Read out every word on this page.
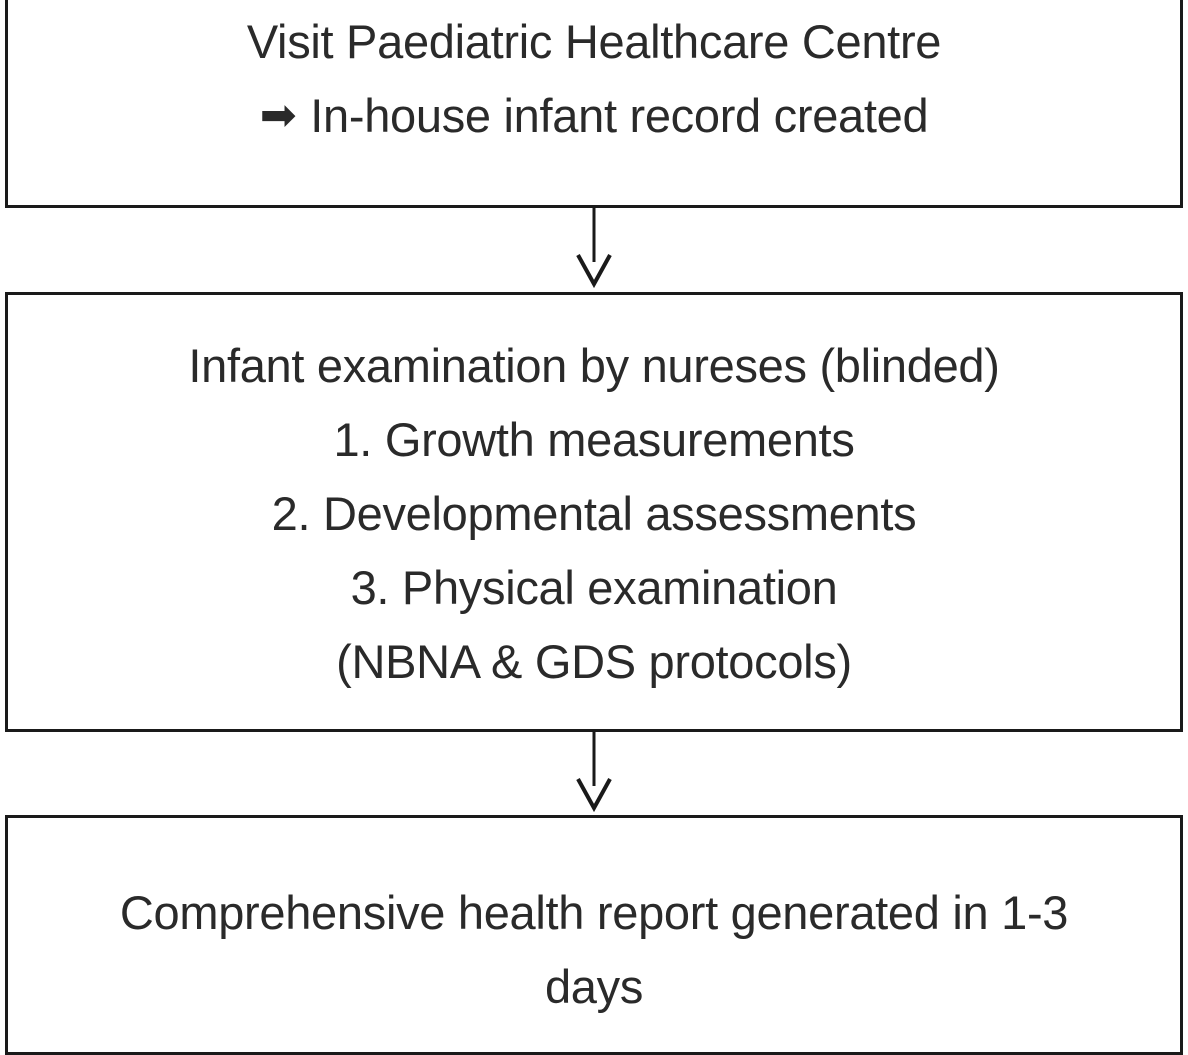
Visit Paediatric Healthcare Centre
➡ In-house infant record created
Infant examination by nureses (blinded)
1. Growth measurements
2. Developmental assessments
3. Physical examination
(NBNA & GDS protocols)
Comprehensive health report generated in 1-3
days
